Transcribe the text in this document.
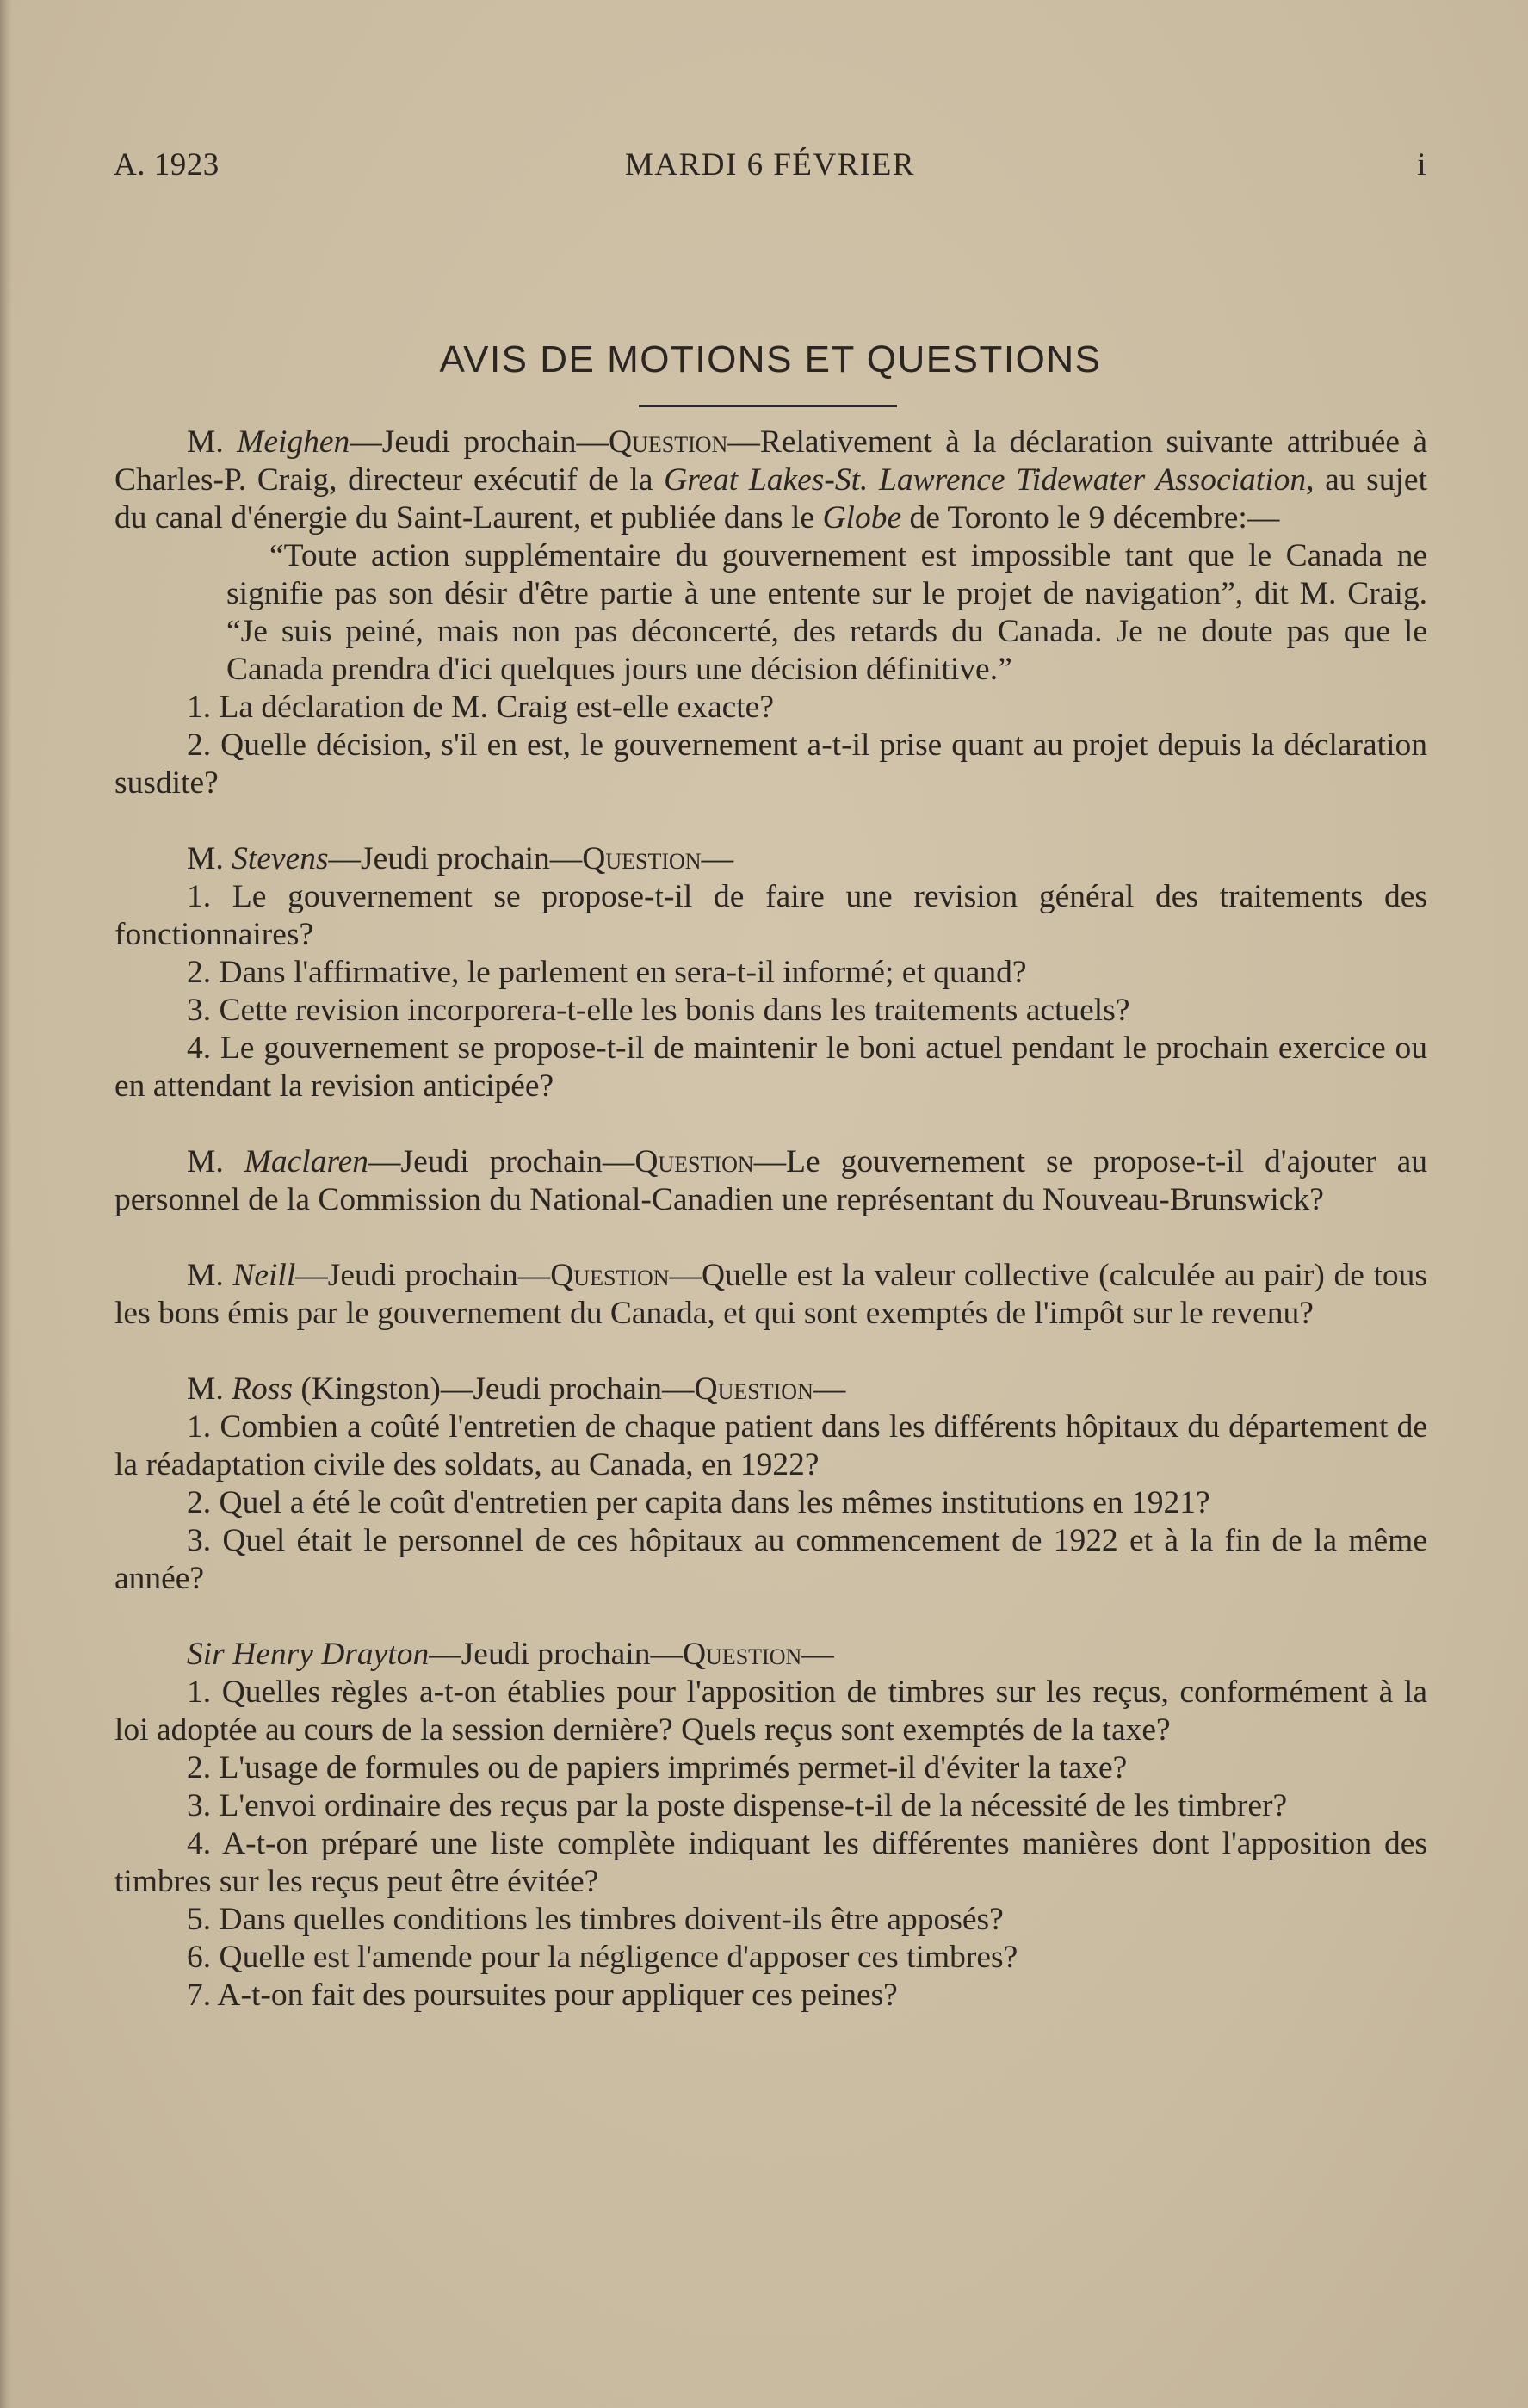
A. 1923	MARDI 6 FÉVRIER	i
AVIS DE MOTIONS ET QUESTIONS

M. Meighen—Jeudi prochain—Question—Relativement à la déclaration suivante attribuée à Charles-P. Craig, directeur exécutif de la Great Lakes-St. Lawrence Tidewater Association, au sujet du canal d'énergie du Saint-Laurent, et publiée dans le Globe de Toronto le 9 décembre:—

“Toute action supplémentaire du gouvernement est impossible tant que le Canada ne signifie pas son désir d'être partie à une entente sur le projet de navigation”, dit M. Craig. “Je suis peiné, mais non pas déconcerté, des retards du Canada. Je ne doute pas que le Canada prendra d'ici quelques jours une décision définitive.”

1. La déclaration de M. Craig est-elle exacte?

2. Quelle décision, s'il en est, le gouvernement a-t-il prise quant au projet depuis la déclaration susdite?

M. Stevens—Jeudi prochain—Question—

1. Le gouvernement se propose-t-il de faire une revision général des traitements des fonctionnaires?

2. Dans l'affirmative, le parlement en sera-t-il informé; et quand?

3. Cette revision incorporera-t-elle les bonis dans les traitements actuels?

4. Le gouvernement se propose-t-il de maintenir le boni actuel pendant le prochain exercice ou en attendant la revision anticipée?

M. Maclaren—Jeudi prochain—Question—Le gouvernement se propose-t-il d'ajouter au personnel de la Commission du National-Canadien une représentant du Nouveau-Brunswick?

M. Neill—Jeudi prochain—Question—Quelle est la valeur collective (calculée au pair) de tous les bons émis par le gouvernement du Canada, et qui sont exemptés de l'impôt sur le revenu?

M. Ross (Kingston)—Jeudi prochain—Question—

1. Combien a coûté l'entretien de chaque patient dans les différents hôpitaux du département de la réadaptation civile des soldats, au Canada, en 1922?

2. Quel a été le coût d'entretien per capita dans les mêmes institutions en 1921?

3. Quel était le personnel de ces hôpitaux au commencement de 1922 et à la fin de la même année?

Sir Henry Drayton—Jeudi prochain—Question—

1. Quelles règles a-t-on établies pour l'apposition de timbres sur les reçus, conformément à la loi adoptée au cours de la session dernière? Quels reçus sont exemptés de la taxe?

2. L'usage de formules ou de papiers imprimés permet-il d'éviter la taxe?

3. L'envoi ordinaire des reçus par la poste dispense-t-il de la nécessité de les timbrer?

4. A-t-on préparé une liste complète indiquant les différentes manières dont l'apposition des timbres sur les reçus peut être évitée?

5. Dans quelles conditions les timbres doivent-ils être apposés?

6. Quelle est l'amende pour la négligence d'apposer ces timbres?

7. A-t-on fait des poursuites pour appliquer ces peines?
